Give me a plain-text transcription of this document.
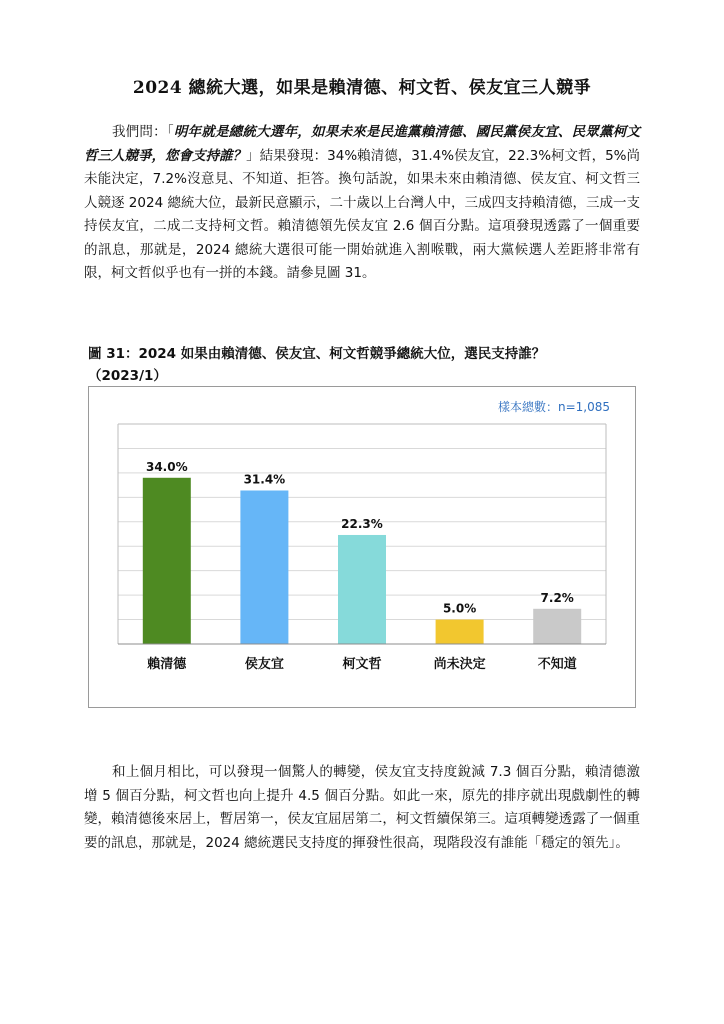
2024 總統大選，如果是賴清德、柯文哲、侯友宜三人競爭
我們問：「明年就是總統大選年，如果未來是民進黨賴清德、國民黨侯友宜、民眾黨柯文哲三人競爭，您會支持誰？」結果發現：34%賴清德，31.4%侯友宜，22.3%柯文哲，5%尚未能決定，7.2%沒意見、不知道、拒答。換句話說，如果未來由賴清德、侯友宜、柯文哲三人競逐 2024 總統大位，最新民意顯示，二十歲以上台灣人中，三成四支持賴清德，三成一支持侯友宜，二成二支持柯文哲。賴清德領先侯友宜 2.6 個百分點。這項發現透露了一個重要的訊息，那就是，2024 總統大選很可能一開始就進入割喉戰，兩大黨候選人差距將非常有限，柯文哲似乎也有一拼的本錢。請參見圖 31。
圖 31：2024 如果由賴清德、侯友宜、柯文哲競爭總統大位，選民支持誰？
（2023/1）
樣本總數：n=1,085
34.0%
賴清德
31.4%
侯友宜
22.3%
柯文哲
5.0%
尚未決定
7.2%
不知道
和上個月相比，可以發現一個驚人的轉變，侯友宜支持度銳減 7.3 個百分點，賴清德激增 5 個百分點，柯文哲也向上提升 4.5 個百分點。如此一來，原先的排序就出現戲劇性的轉變，賴清德後來居上，暫居第一，侯友宜屈居第二，柯文哲續保第三。這項轉變透露了一個重要的訊息，那就是，2024 總統選民支持度的揮發性很高，現階段沒有誰能「穩定的領先」。
